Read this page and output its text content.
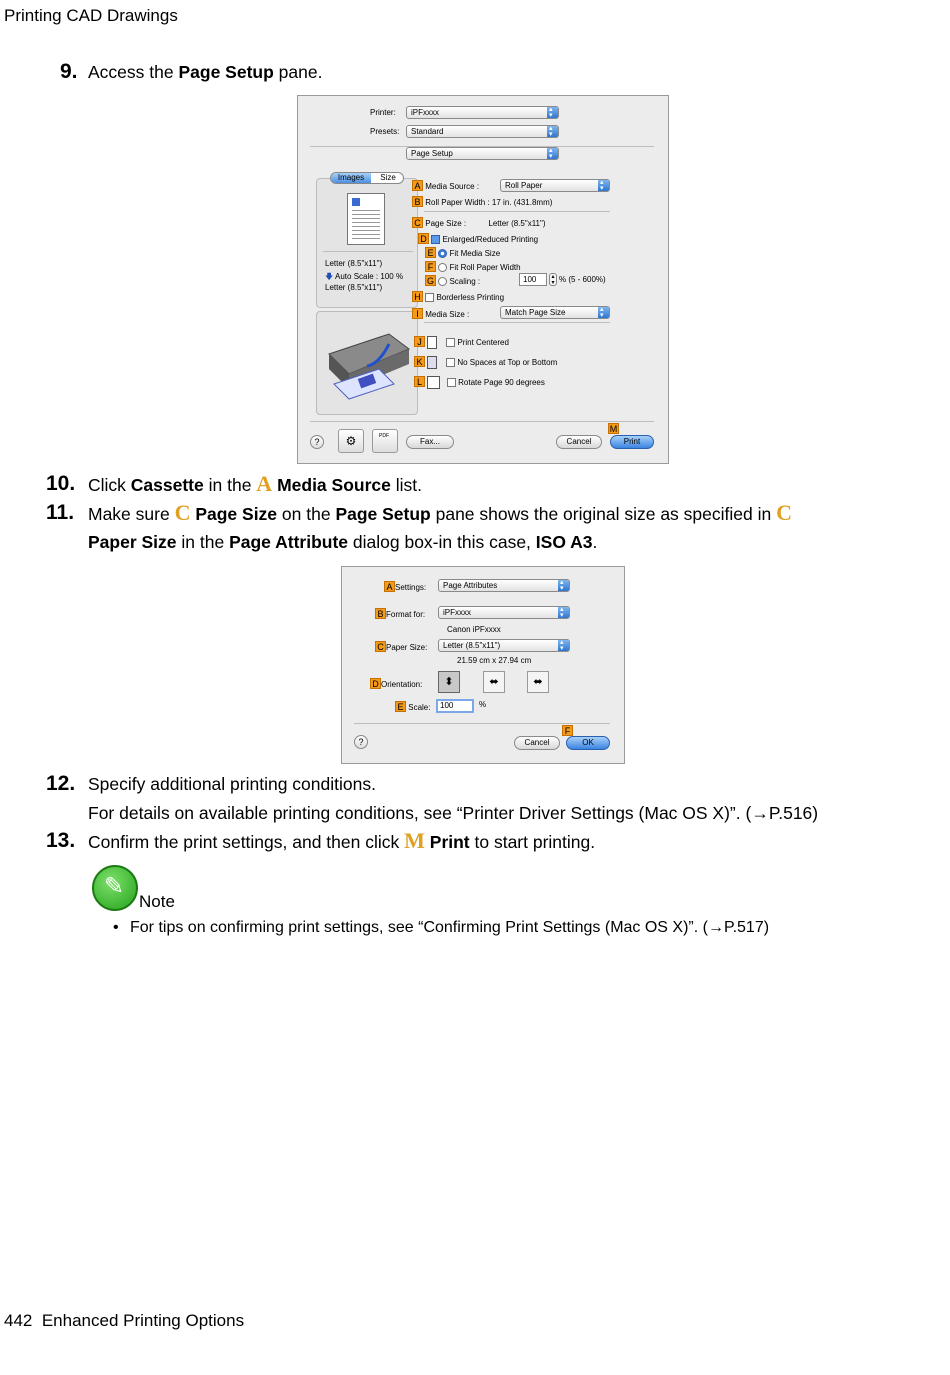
Printing CAD Drawings
9. Access the Page Setup pane.
Printer:	iPFxxxx
▴ ▾
Presets:	Standard
▴ ▾
Page Setup
▴ ▾
Letter (8.5"x11")
🡇 Auto Scale : 100 %
Letter (8.5"x11")
Images	Size
A Media Source :	Roll Paper
▴ ▾
B Roll Paper Width : 17 in. (431.8mm)
C Page Size :	Letter (8.5"x11")
D Enlarged/Reduced Printing
E Fit Media Size
F Fit Roll Paper Width
G Scaling :	100	▴
▾ % (5 - 600%)
H Borderless Printing
I Media Size :	Match Page Size
▴ ▾
J	Print Centered
K	No Spaces at Top or Bottom
L	Rotate Page 90 degrees
?	⚙	PDF
Fax...	Cancel
M
Print
10. Click Cassette in the A Media Source list.
11. Make sure C Page Size on the Page Setup pane shows the original size as specified in C
Paper Size in the Page Attribute dialog box-in this case, ISO A3.
A Settings:	Page Attributes
▴ ▾
B Format for:	iPFxxxx
▴ ▾
Canon iPFxxxx
C Paper Size:	Letter (8.5"x11")
▴ ▾
21.59 cm x 27.94 cm
D Orientation:	⬍	⬌	⬌
E Scale:	100	%
?	Cancel
F
OK
12. Specify additional printing conditions.
For details on available printing conditions, see “Printer Driver Settings (Mac OS X)”. (→P.516)
13. Confirm the print settings, and then click M Print to start printing.
✎
Note
• For tips on confirming print settings, see “Confirming Print Settings (Mac OS X)”. (→P.517)
442 Enhanced Printing Options
